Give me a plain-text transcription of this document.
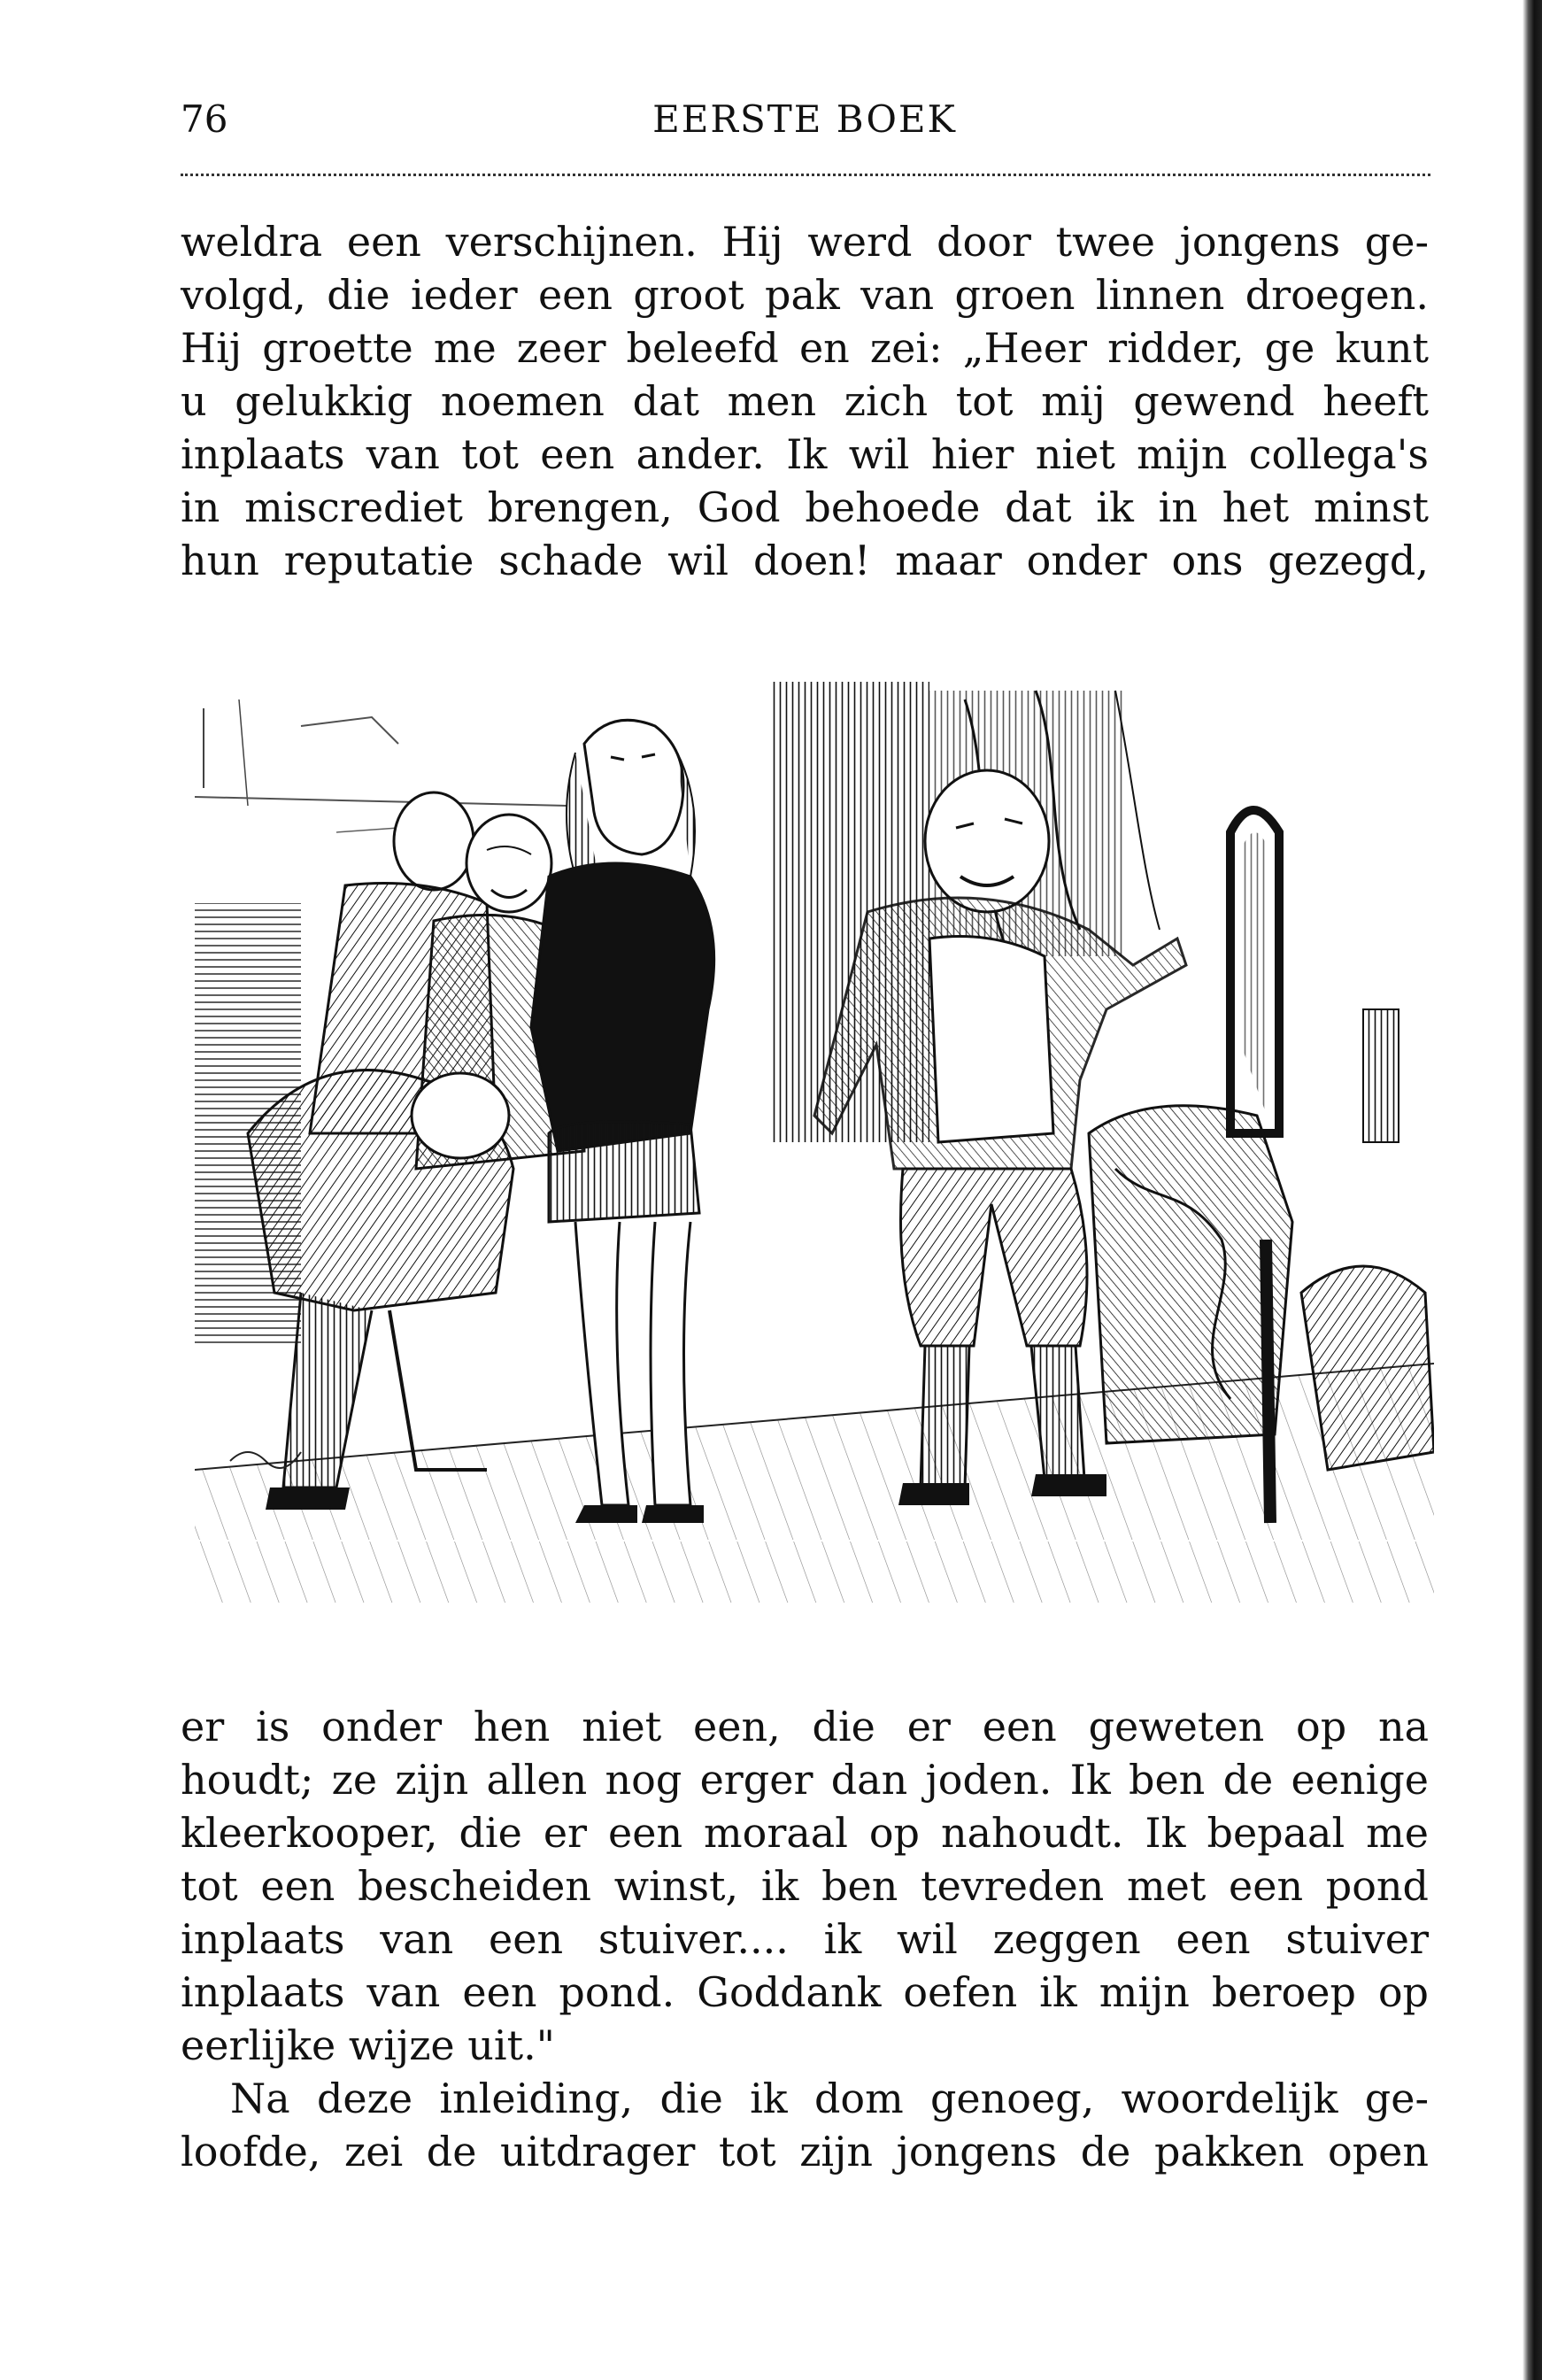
76	EERSTE BOEK
weldra een verschijnen. Hij werd door twee jongens ge-
volgd, die ieder een groot pak van groen linnen droegen.
Hij groette me zeer beleefd en zei: „Heer ridder, ge kunt
u gelukkig noemen dat men zich tot mij gewend heeft
inplaats van tot een ander. Ik wil hier niet mijn collega's
in miscrediet brengen, God behoede dat ik in het minst
hun reputatie schade wil doen! maar onder ons gezegd,
er is onder hen niet een, die er een geweten op na
houdt; ze zijn allen nog erger dan joden. Ik ben de eenige
kleerkooper, die er een moraal op nahoudt. Ik bepaal me
tot een bescheiden winst, ik ben tevreden met een pond
inplaats van een stuiver.... ik wil zeggen een stuiver
inplaats van een pond. Goddank oefen ik mijn beroep op
eerlijke wijze uit."
Na deze inleiding, die ik dom genoeg, woordelijk ge-
loofde, zei de uitdrager tot zijn jongens de pakken open
